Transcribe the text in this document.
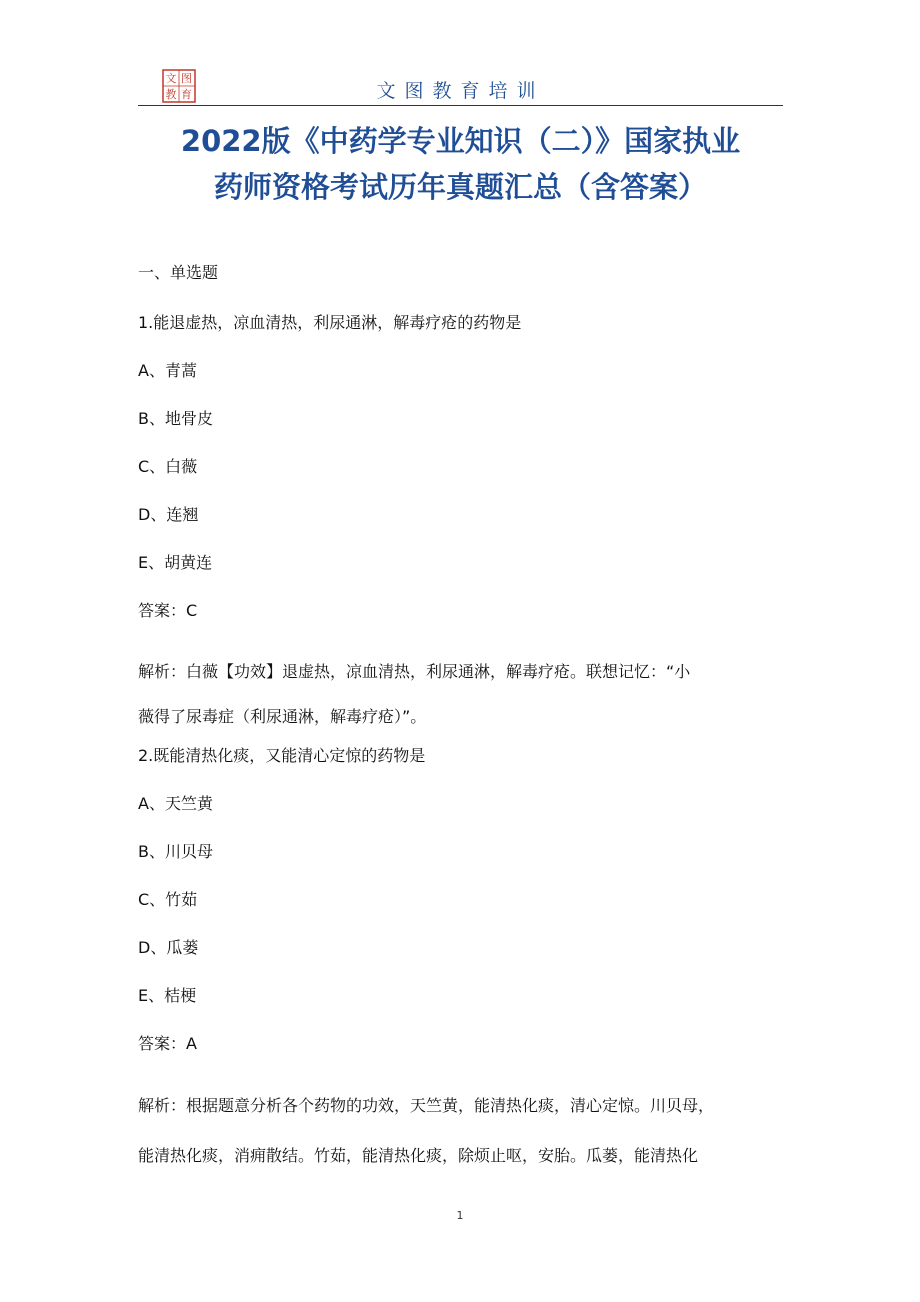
图
文
教 育	文图教育培训
2022版《中药学专业知识（二）》国家执业
药师资格考试历年真题汇总（含答案）
一、单选题
1.能退虚热，凉血清热，利尿通淋，解毒疗疮的药物是
A、青蒿
B、地骨皮
C、白薇
D、连翘
E、胡黄连
答案：C
解析：白薇【功效】退虚热，凉血清热，利尿通淋，解毒疗疮。联想记忆：“小
薇得了尿毒症（利尿通淋，解毒疗疮）”。
2.既能清热化痰，又能清心定惊的药物是
A、天竺黄
B、川贝母
C、竹茹
D、瓜蒌
E、桔梗
答案：A
解析：根据题意分析各个药物的功效，天竺黄，能清热化痰，清心定惊。川贝母，
能清热化痰，消痈散结。竹茹，能清热化痰，除烦止呕，安胎。瓜蒌，能清热化
1
